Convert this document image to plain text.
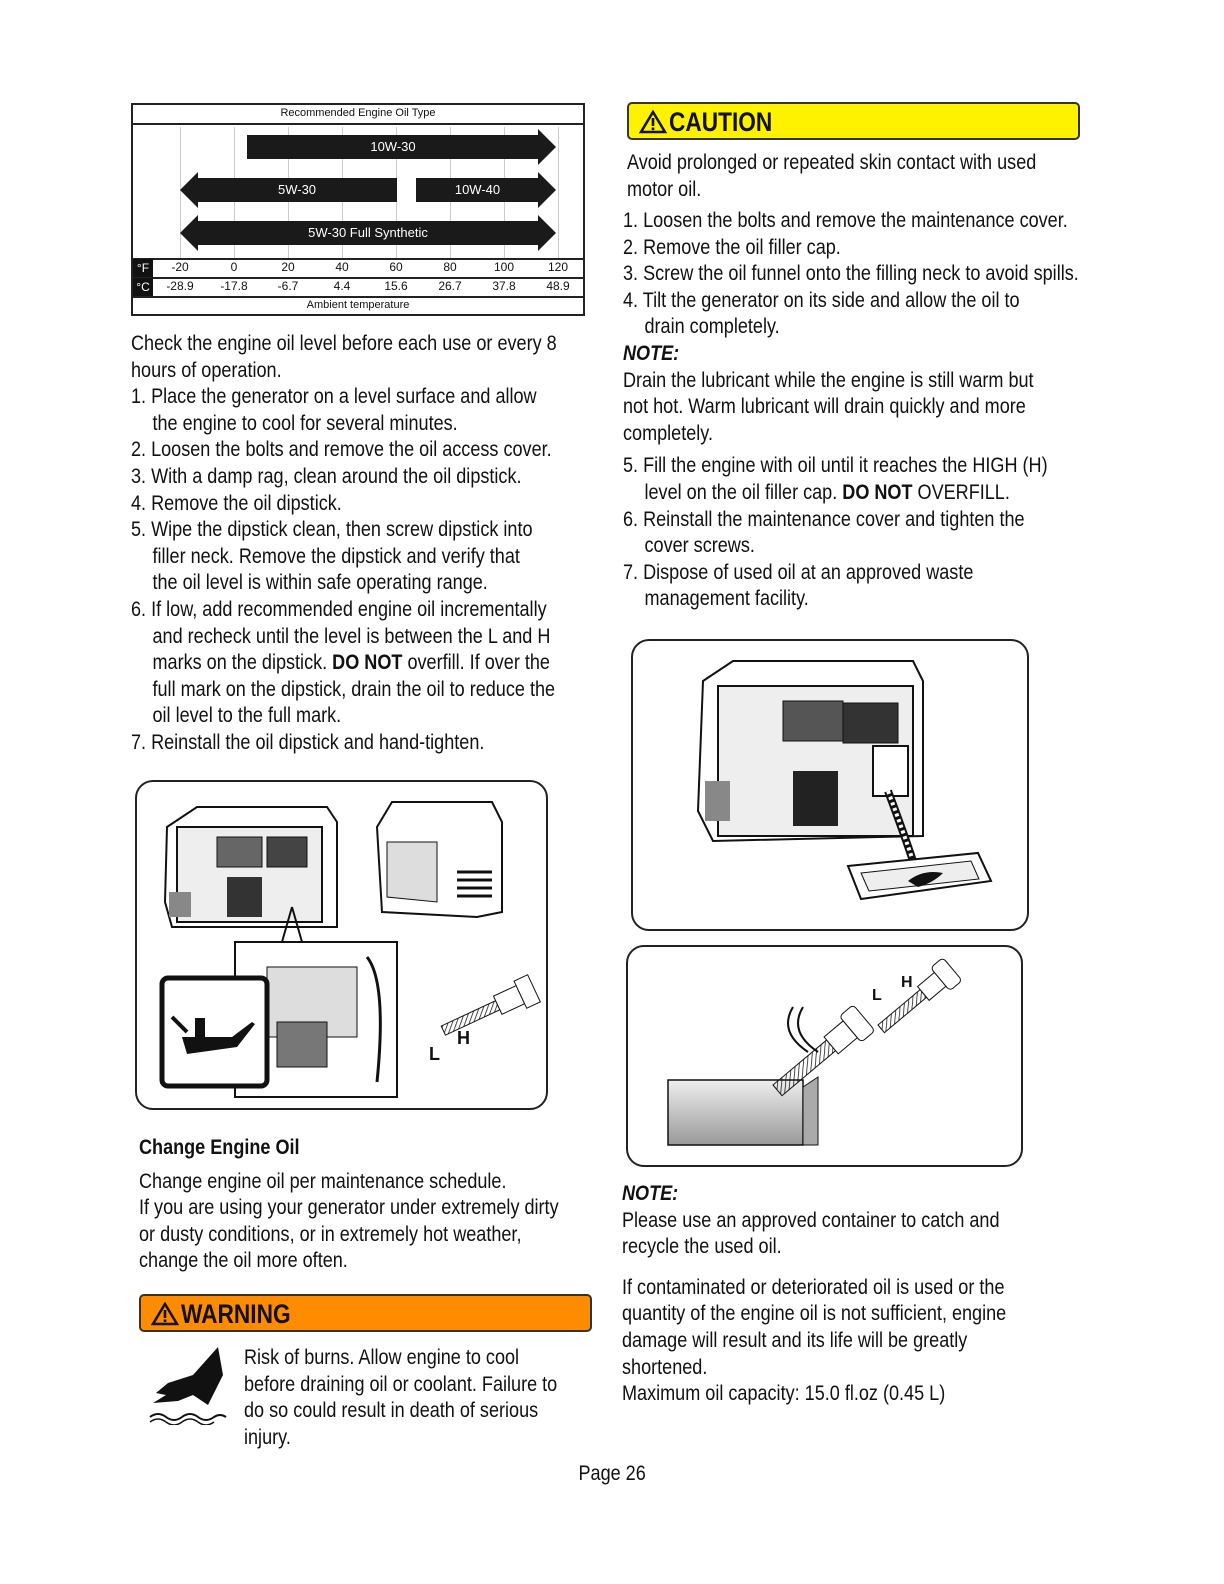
Recommended Engine Oil Type
10W-30
5W-30	10W-40
5W-30 Full Synthetic
°F	-20	0	20	40	60	80	100	120
°C	-28.9	-17.8	-6.7	4.4	15.6	26.7	37.8	48.9
Ambient temperature

Check the engine oil level before each use or every 8

hours of operation.

1. Place the generator on a level surface and allow

the engine to cool for several minutes.

2. Loosen the bolts and remove the oil access cover.

3. With a damp rag, clean around the oil dipstick.

4. Remove the oil dipstick.

5. Wipe the dipstick clean, then screw dipstick into

filler neck. Remove the dipstick and verify that

the oil level is within safe operating range.

6. If low, add recommended engine oil incrementally

and recheck until the level is between the L and H

marks on the dipstick. DO NOT overfill. If over the

full mark on the dipstick, drain the oil to reduce the

oil level to the full mark.

7. Reinstall the oil dipstick and hand-tighten.

L
H

Change Engine Oil

Change engine oil per maintenance schedule.

If you are using your generator under extremely dirty

or dusty conditions, or in extremely hot weather,

change the oil more often.

WARNING

Risk of burns. Allow engine to cool

before draining oil or coolant. Failure to

do so could result in death of serious

injury.

CAUTION

Avoid prolonged or repeated skin contact with used

motor oil.

1. Loosen the bolts and remove the maintenance cover.

2. Remove the oil filler cap.

3. Screw the oil funnel onto the filling neck to avoid spills.

4. Tilt the generator on its side and allow the oil to

drain completely.

NOTE:

Drain the lubricant while the engine is still warm but

not hot. Warm lubricant will drain quickly and more

completely.

5. Fill the engine with oil until it reaches the HIGH (H)

level on the oil filler cap. DO NOT OVERFILL.

6. Reinstall the maintenance cover and tighten the

cover screws.

7. Dispose of used oil at an approved waste

management facility.

L
H

NOTE:

Please use an approved container to catch and

recycle the used oil.

If contaminated or deteriorated oil is used or the

quantity of the engine oil is not sufficient, engine

damage will result and its life will be greatly

shortened.

Maximum oil capacity: 15.0 fl.oz (0.45 L)

Page 26
